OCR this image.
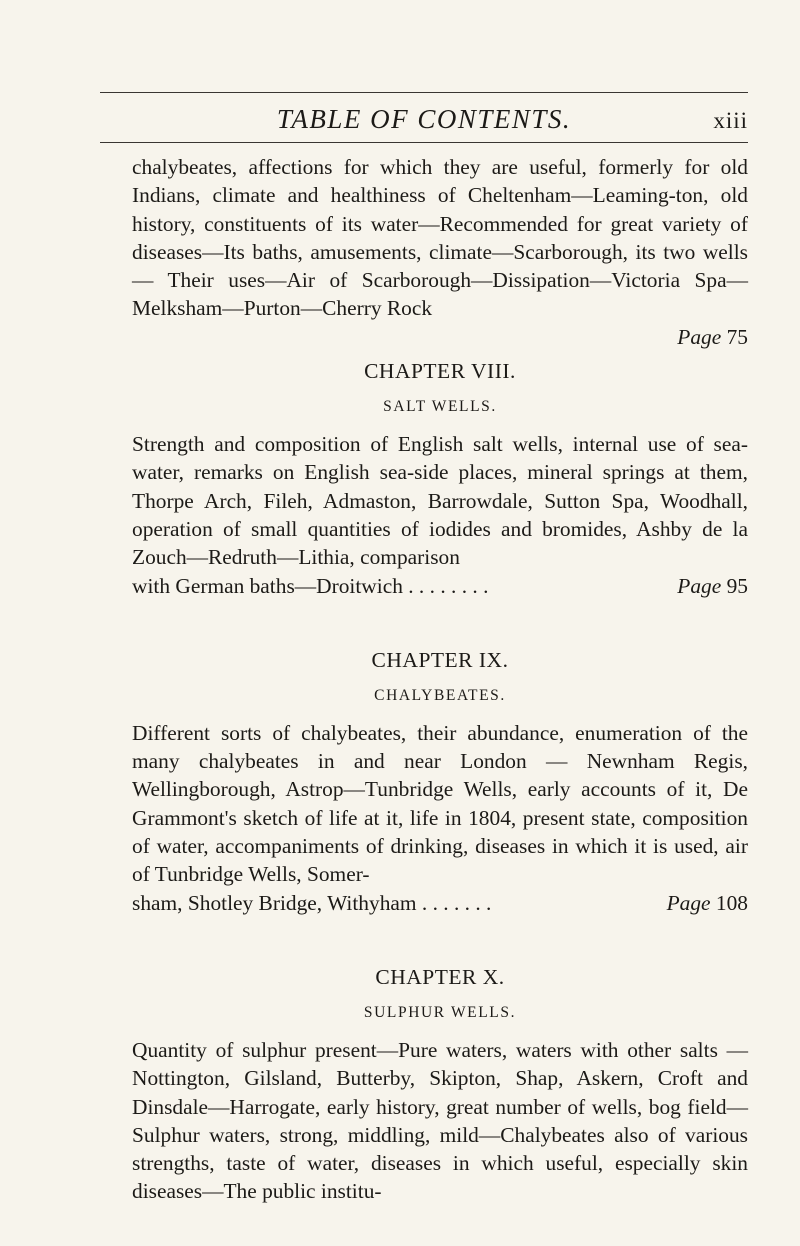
TABLE OF CONTENTS.	xiii

chalybeates, affections for which they are useful, formerly for old Indians, climate and healthiness of Cheltenham—Leaming-ton, old history, constituents of its water—Recommended for great variety of diseases—Its baths, amusements, climate—Scarborough, its two wells— Their uses—Air of Scarborough—Dissipation—Victoria Spa—Melksham—Purton—Cherry Rock

Page 75
CHAPTER VIII.
SALT WELLS.

Strength and composition of English salt wells, internal use of sea-water, remarks on English sea-side places, mineral springs at them, Thorpe Arch, Fileh, Admaston, Barrowdale, Sutton Spa, Woodhall, operation of small quantities of iodides and bromides, Ashby de la Zouch—Redruth—Lithia, comparison

with German baths—Droitwich . . . . . . . .	Page 95
CHAPTER IX.
CHALYBEATES.

Different sorts of chalybeates, their abundance, enumeration of the many chalybeates in and near London — Newnham Regis, Wellingborough, Astrop—Tunbridge Wells, early accounts of it, De Grammont's sketch of life at it, life in 1804, present state, composition of water, accompaniments of drinking, diseases in which it is used, air of Tunbridge Wells, Somer-

sham, Shotley Bridge, Withyham . . . . . . .	Page 108
CHAPTER X.
SULPHUR WELLS.

Quantity of sulphur present—Pure waters, waters with other salts —Nottington, Gilsland, Butterby, Skipton, Shap, Askern, Croft and Dinsdale—Harrogate, early history, great number of wells, bog field—Sulphur waters, strong, middling, mild—Chalybeates also of various strengths, taste of water, diseases in which useful, especially skin diseases—The public institu-
